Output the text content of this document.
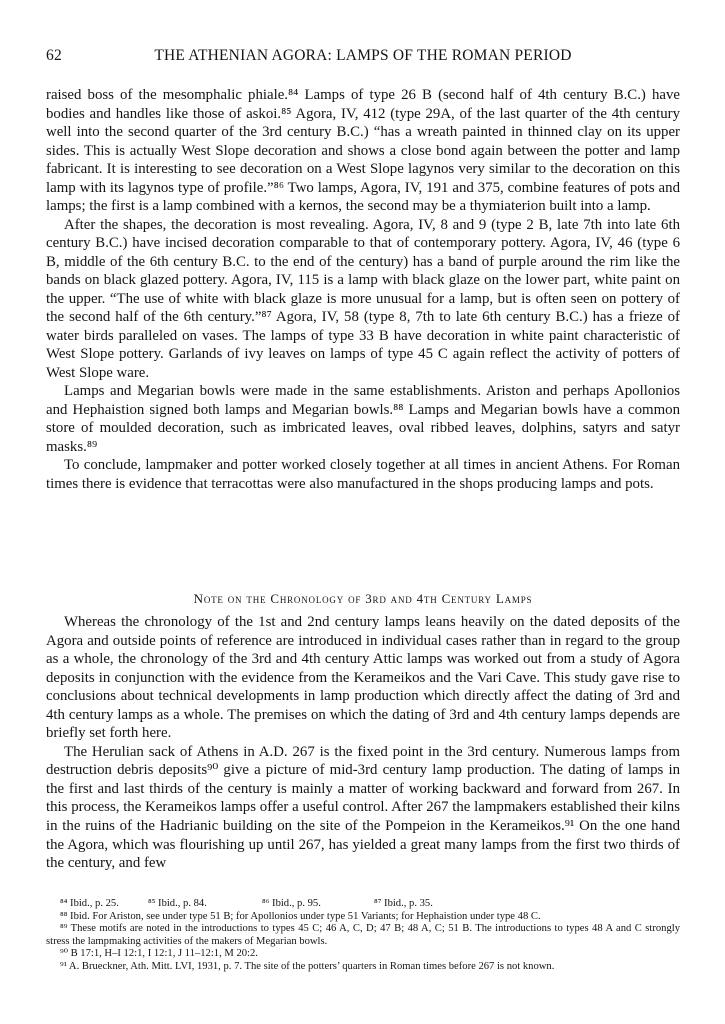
62	THE ATHENIAN AGORA: LAMPS OF THE ROMAN PERIOD

raised boss of the mesomphalic phiale.⁸⁴ Lamps of type 26 B (second half of 4th century B.C.) have bodies and handles like those of askoi.⁸⁵ Agora, IV, 412 (type 29A, of the last quarter of the 4th century well into the second quarter of the 3rd century B.C.) “has a wreath painted in thinned clay on its upper sides. This is actually West Slope decoration and shows a close bond again between the potter and lamp fabricant. It is interesting to see decoration on a West Slope lagynos very similar to the decoration on this lamp with its lagynos type of profile.”⁸⁶ Two lamps, Agora, IV, 191 and 375, combine features of pots and lamps; the first is a lamp combined with a kernos, the second may be a thymiaterion built into a lamp.

After the shapes, the decoration is most revealing. Agora, IV, 8 and 9 (type 2 B, late 7th into late 6th century B.C.) have incised decoration comparable to that of contemporary pottery. Agora, IV, 46 (type 6 B, middle of the 6th century B.C. to the end of the century) has a band of purple around the rim like the bands on black glazed pottery. Agora, IV, 115 is a lamp with black glaze on the lower part, white paint on the upper. “The use of white with black glaze is more unusual for a lamp, but is often seen on pottery of the second half of the 6th century.”⁸⁷ Agora, IV, 58 (type 8, 7th to late 6th century B.C.) has a frieze of water birds paralleled on vases. The lamps of type 33 B have decoration in white paint characteristic of West Slope pottery. Garlands of ivy leaves on lamps of type 45 C again reflect the activity of potters of West Slope ware.

Lamps and Megarian bowls were made in the same establishments. Ariston and perhaps Apollonios and Hephaistion signed both lamps and Megarian bowls.⁸⁸ Lamps and Megarian bowls have a common store of moulded decoration, such as imbricated leaves, oval ribbed leaves, dolphins, satyrs and satyr masks.⁸⁹

To conclude, lampmaker and potter worked closely together at all times in ancient Athens. For Roman times there is evidence that terracottas were also manufactured in the shops producing lamps and pots.

Note on the Chronology of 3rd and 4th Century Lamps

Whereas the chronology of the 1st and 2nd century lamps leans heavily on the dated deposits of the Agora and outside points of reference are introduced in individual cases rather than in regard to the group as a whole, the chronology of the 3rd and 4th century Attic lamps was worked out from a study of Agora deposits in conjunction with the evidence from the Kerameikos and the Vari Cave. This study gave rise to conclusions about technical developments in lamp production which directly affect the dating of 3rd and 4th century lamps as a whole. The premises on which the dating of 3rd and 4th century lamps depends are briefly set forth here.

The Herulian sack of Athens in A.D. 267 is the fixed point in the 3rd century. Numerous lamps from destruction debris deposits⁹⁰ give a picture of mid-3rd century lamp production. The dating of lamps in the first and last thirds of the century is mainly a matter of working backward and forward from 267. In this process, the Kerameikos lamps offer a useful control. After 267 the lampmakers established their kilns in the ruins of the Hadrianic building on the site of the Pompeion in the Kerameikos.⁹¹ On the one hand the Agora, which was flourishing up until 267, has yielded a great many lamps from the first two thirds of the century, and few

⁸⁴ Ibid., p. 25.	⁸⁵ Ibid., p. 84.	⁸⁶ Ibid., p. 95.	⁸⁷ Ibid., p. 35.

⁸⁸ Ibid. For Ariston, see under type 51 B; for Apollonios under type 51 Variants; for Hephaistion under type 48 C.

⁸⁹ These motifs are noted in the introductions to types 45 C; 46 A, C, D; 47 B; 48 A, C; 51 B. The introductions to types 48 A and C strongly stress the lampmaking activities of the makers of Megarian bowls.

⁹⁰ B 17:1, H–I 12:1, I 12:1, J 11–12:1, M 20:2.

⁹¹ A. Brueckner, Ath. Mitt. LVI, 1931, p. 7. The site of the potters’ quarters in Roman times before 267 is not known.
